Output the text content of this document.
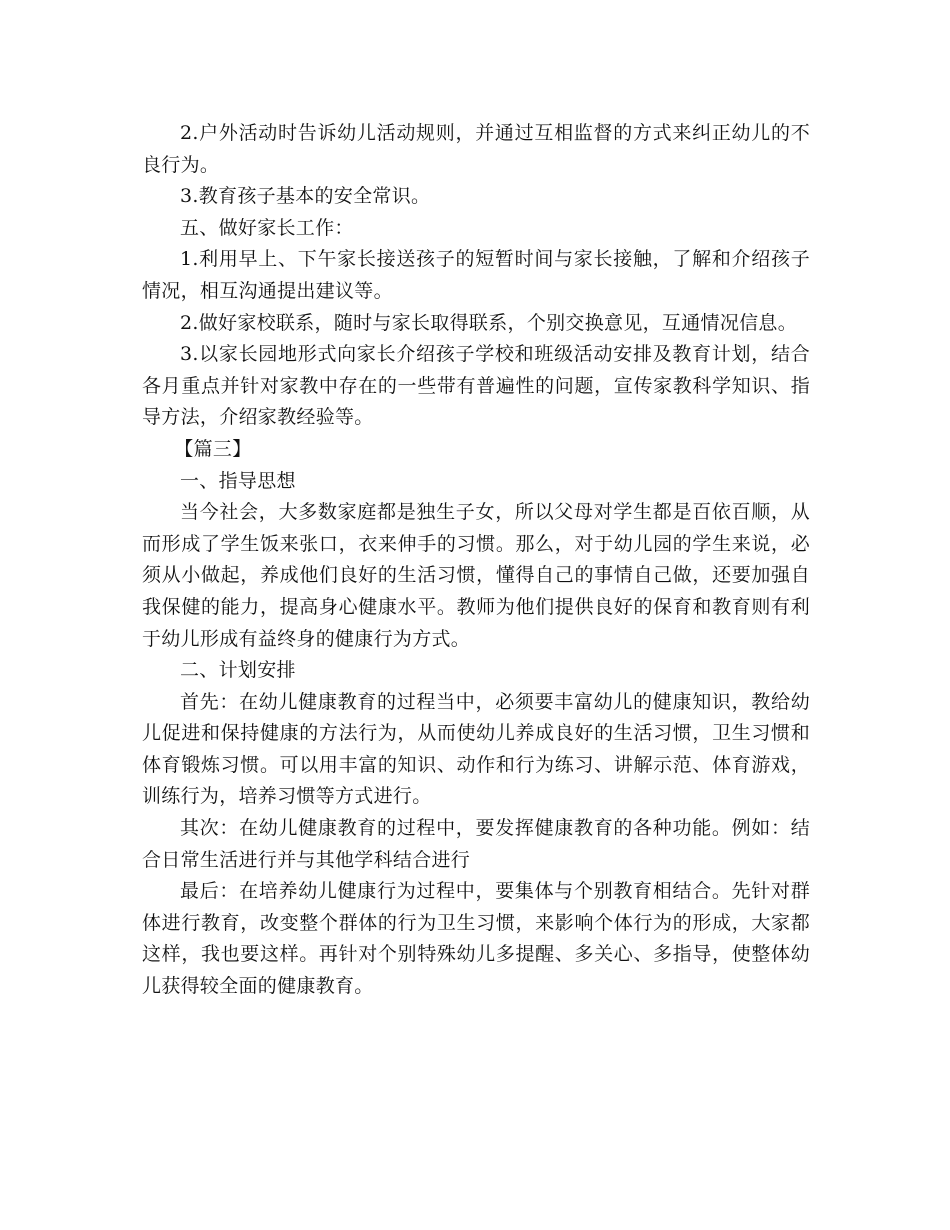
2.户外活动时告诉幼儿活动规则，并通过互相监督的方式来纠正幼儿的不良行为。

3.教育孩子基本的安全常识。

五、做好家长工作：

1.利用早上、下午家长接送孩子的短暂时间与家长接触，了解和介绍孩子情况，相互沟通提出建议等。

2.做好家校联系，随时与家长取得联系，个别交换意见，互通情况信息。

3.以家长园地形式向家长介绍孩子学校和班级活动安排及教育计划，结合各月重点并针对家教中存在的一些带有普遍性的问题，宣传家教科学知识、指导方法，介绍家教经验等。

【篇三】

一、指导思想

当今社会，大多数家庭都是独生子女，所以父母对学生都是百依百顺，从而形成了学生饭来张口，衣来伸手的习惯。那么，对于幼儿园的学生来说，必须从小做起，养成他们良好的生活习惯，懂得自己的事情自己做，还要加强自我保健的能力，提高身心健康水平。教师为他们提供良好的保育和教育则有利于幼儿形成有益终身的健康行为方式。

二、计划安排

首先：在幼儿健康教育的过程当中，必须要丰富幼儿的健康知识，教给幼儿促进和保持健康的方法行为，从而使幼儿养成良好的生活习惯，卫生习惯和体育锻炼习惯。可以用丰富的知识、动作和行为练习、讲解示范、体育游戏，训练行为，培养习惯等方式进行。

其次：在幼儿健康教育的过程中，要发挥健康教育的各种功能。例如：结合日常生活进行并与其他学科结合进行

最后：在培养幼儿健康行为过程中，要集体与个别教育相结合。先针对群体进行教育，改变整个群体的行为卫生习惯，来影响个体行为的形成，大家都这样，我也要这样。再针对个别特殊幼儿多提醒、多关心、多指导，使整体幼儿获得较全面的健康教育。
